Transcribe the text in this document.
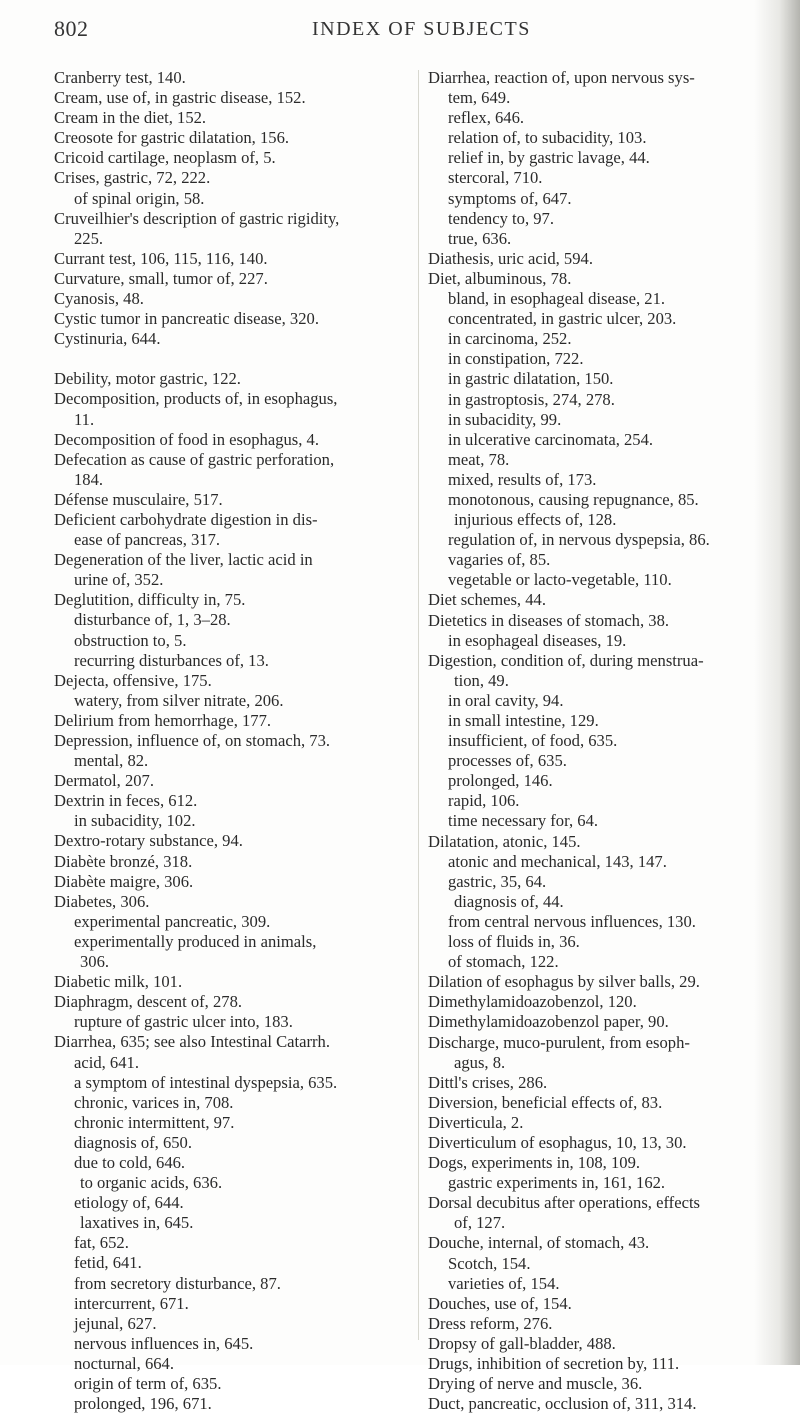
802	INDEX OF SUBJECTS
Cranberry test, 140.
Cream, use of, in gastric disease, 152.
Cream in the diet, 152.
Creosote for gastric dilatation, 156.
Cricoid cartilage, neoplasm of, 5.
Crises, gastric, 72, 222.
of spinal origin, 58.
Cruveilhier's description of gastric rigidity,
225.
Currant test, 106, 115, 116, 140.
Curvature, small, tumor of, 227.
Cyanosis, 48.
Cystic tumor in pancreatic disease, 320.
Cystinuria, 644.
Debility, motor gastric, 122.
Decomposition, products of, in esophagus,
11.
Decomposition of food in esophagus, 4.
Defecation as cause of gastric perforation,
184.
Défense musculaire, 517.
Deficient carbohydrate digestion in dis-
ease of pancreas, 317.
Degeneration of the liver, lactic acid in
urine of, 352.
Deglutition, difficulty in, 75.
disturbance of, 1, 3–28.
obstruction to, 5.
recurring disturbances of, 13.
Dejecta, offensive, 175.
watery, from silver nitrate, 206.
Delirium from hemorrhage, 177.
Depression, influence of, on stomach, 73.
mental, 82.
Dermatol, 207.
Dextrin in feces, 612.
in subacidity, 102.
Dextro-rotary substance, 94.
Diabète bronzé, 318.
Diabète maigre, 306.
Diabetes, 306.
experimental pancreatic, 309.
experimentally produced in animals,
306.
Diabetic milk, 101.
Diaphragm, descent of, 278.
rupture of gastric ulcer into, 183.
Diarrhea, 635; see also Intestinal Catarrh.
acid, 641.
a symptom of intestinal dyspepsia, 635.
chronic, varices in, 708.
chronic intermittent, 97.
diagnosis of, 650.
due to cold, 646.
to organic acids, 636.
etiology of, 644.
laxatives in, 645.
fat, 652.
fetid, 641.
from secretory disturbance, 87.
intercurrent, 671.
jejunal, 627.
nervous influences in, 645.
nocturnal, 664.
origin of term of, 635.
prolonged, 196, 671.
Diarrhea, reaction of, upon nervous sys-
tem, 649.
reflex, 646.
relation of, to subacidity, 103.
relief in, by gastric lavage, 44.
stercoral, 710.
symptoms of, 647.
tendency to, 97.
true, 636.
Diathesis, uric acid, 594.
Diet, albuminous, 78.
bland, in esophageal disease, 21.
concentrated, in gastric ulcer, 203.
in carcinoma, 252.
in constipation, 722.
in gastric dilatation, 150.
in gastroptosis, 274, 278.
in subacidity, 99.
in ulcerative carcinomata, 254.
meat, 78.
mixed, results of, 173.
monotonous, causing repugnance, 85.
injurious effects of, 128.
regulation of, in nervous dyspepsia, 86.
vagaries of, 85.
vegetable or lacto-vegetable, 110.
Diet schemes, 44.
Dietetics in diseases of stomach, 38.
in esophageal diseases, 19.
Digestion, condition of, during menstrua-
tion, 49.
in oral cavity, 94.
in small intestine, 129.
insufficient, of food, 635.
processes of, 635.
prolonged, 146.
rapid, 106.
time necessary for, 64.
Dilatation, atonic, 145.
atonic and mechanical, 143, 147.
gastric, 35, 64.
diagnosis of, 44.
from central nervous influences, 130.
loss of fluids in, 36.
of stomach, 122.
Dilation of esophagus by silver balls, 29.
Dimethylamidoazobenzol, 120.
Dimethylamidoazobenzol paper, 90.
Discharge, muco-purulent, from esoph-
agus, 8.
Dittl's crises, 286.
Diversion, beneficial effects of, 83.
Diverticula, 2.
Diverticulum of esophagus, 10, 13, 30.
Dogs, experiments in, 108, 109.
gastric experiments in, 161, 162.
Dorsal decubitus after operations, effects
of, 127.
Douche, internal, of stomach, 43.
Scotch, 154.
varieties of, 154.
Douches, use of, 154.
Dress reform, 276.
Dropsy of gall-bladder, 488.
Drugs, inhibition of secretion by, 111.
Drying of nerve and muscle, 36.
Duct, pancreatic, occlusion of, 311, 314.
